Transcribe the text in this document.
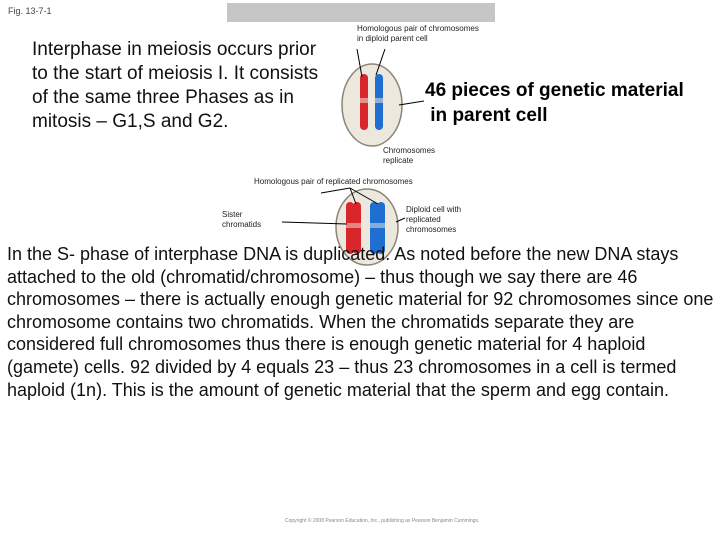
Fig. 13-7-1
Interphase in meiosis occurs prior to the start of meiosis I. It consists of the same three Phases as in mitosis – G1,S and G2.
46 pieces of genetic material
in parent cell
Homologous pair of chromosomes
in diploid parent cell
Chromosomes
replicate
Homologous pair of replicated chromosomes
Sister
chromatids
Diploid cell with
replicated
chromosomes
In the S- phase of interphase DNA is duplicated. As noted before the new DNA stays attached to the old (chromatid/chromosome) – thus though we say there are 46 chromosomes – there is actually enough genetic material for 92 chromosomes since one chromosome contains two chromatids. When the chromatids separate they are considered full chromosomes thus there is enough genetic material for 4 haploid (gamete) cells. 92 divided by 4 equals 23 – thus 23 chromosomes in a cell is termed haploid (1n). This is the amount of genetic material that the sperm and egg contain.
Copyright © 2008 Pearson Education, Inc., publishing as Pearson Benjamin Cummings.
